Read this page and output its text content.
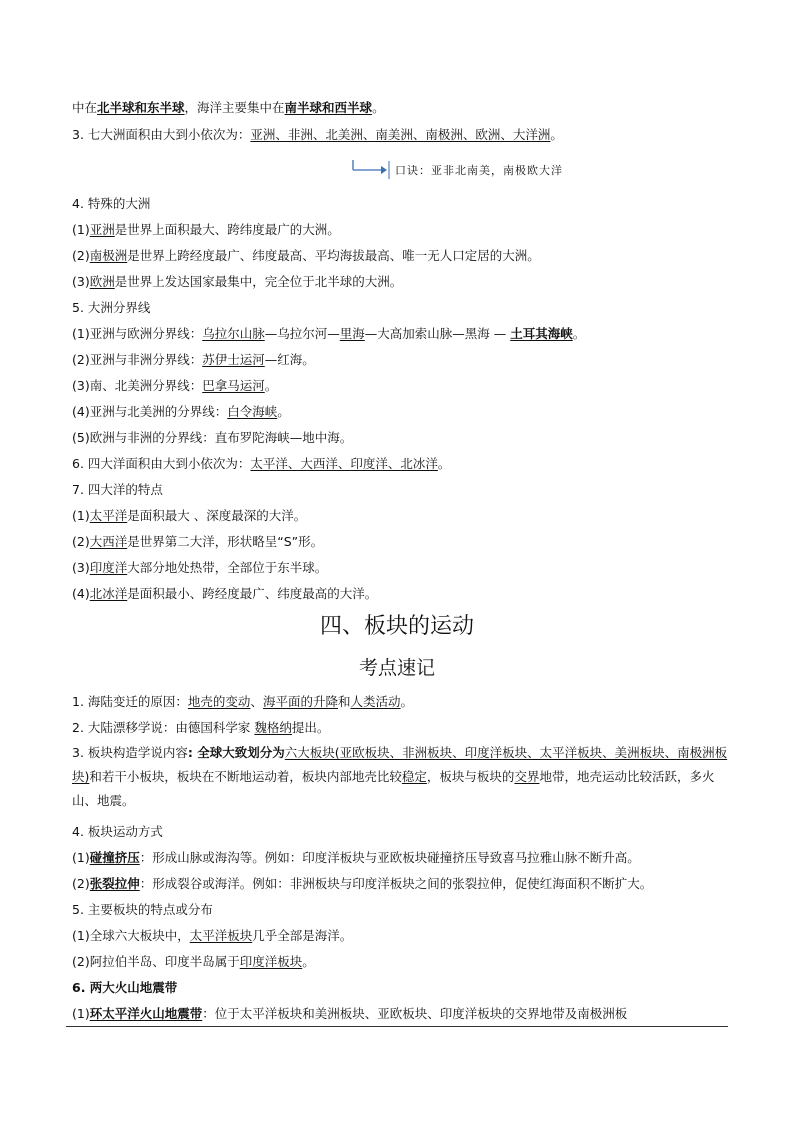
中在北半球和东半球，海洋主要集中在南半球和西半球。
3. 七大洲面积由大到小依次为：亚洲、非洲、北美洲、南美洲、南极洲、欧洲、大洋洲。
口诀：亚非北南美，南极欧大洋
4. 特殊的大洲
(1)亚洲是世界上面积最大、跨纬度最广的大洲。
(2)南极洲是世界上跨经度最广、纬度最高、平均海拔最高、唯一无人口定居的大洲。
(3)欧洲是世界上发达国家最集中，完全位于北半球的大洲。
5. 大洲分界线
(1)亚洲与欧洲分界线：乌拉尔山脉—乌拉尔河—里海—大高加索山脉—黑海 — 土耳其海峡。
(2)亚洲与非洲分界线：苏伊士运河—红海。
(3)南、北美洲分界线：巴拿马运河。
(4)亚洲与北美洲的分界线：白令海峡。
(5)欧洲与非洲的分界线：直布罗陀海峡—地中海。
6. 四大洋面积由大到小依次为：太平洋、大西洋、印度洋、北冰洋。
7. 四大洋的特点
(1)太平洋是面积最大 、深度最深的大洋。
(2)大西洋是世界第二大洋，形状略呈“S”形。
(3)印度洋大部分地处热带，全部位于东半球。
(4)北冰洋是面积最小、跨经度最广、纬度最高的大洋。
四、板块的运动
考点速记
1. 海陆变迁的原因：地壳的变动、海平面的升降和人类活动。
2. 大陆漂移学说：由德国科学家 魏格纳提出。
3. 板块构造学说内容: 全球大致划分为六大板块(亚欧板块、非洲板块、印度洋板块、太平洋板块、美洲板块、南极洲板块)和若干小板块，板块在不断地运动着，板块内部地壳比较稳定，板块与板块的交界地带，地壳运动比较活跃，多火山、地震。
4. 板块运动方式
(1)碰撞挤压：形成山脉或海沟等。例如：印度洋板块与亚欧板块碰撞挤压导致喜马拉雅山脉不断升高。
(2)张裂拉伸：形成裂谷或海洋。例如：非洲板块与印度洋板块之间的张裂拉伸，促使红海面积不断扩大。
5. 主要板块的特点或分布
(1)全球六大板块中，太平洋板块几乎全部是海洋。
(2)阿拉伯半岛、印度半岛属于印度洋板块。
6. 两大火山地震带
(1)环太平洋火山地震带：位于太平洋板块和美洲板块、亚欧板块、印度洋板块的交界地带及南极洲板
